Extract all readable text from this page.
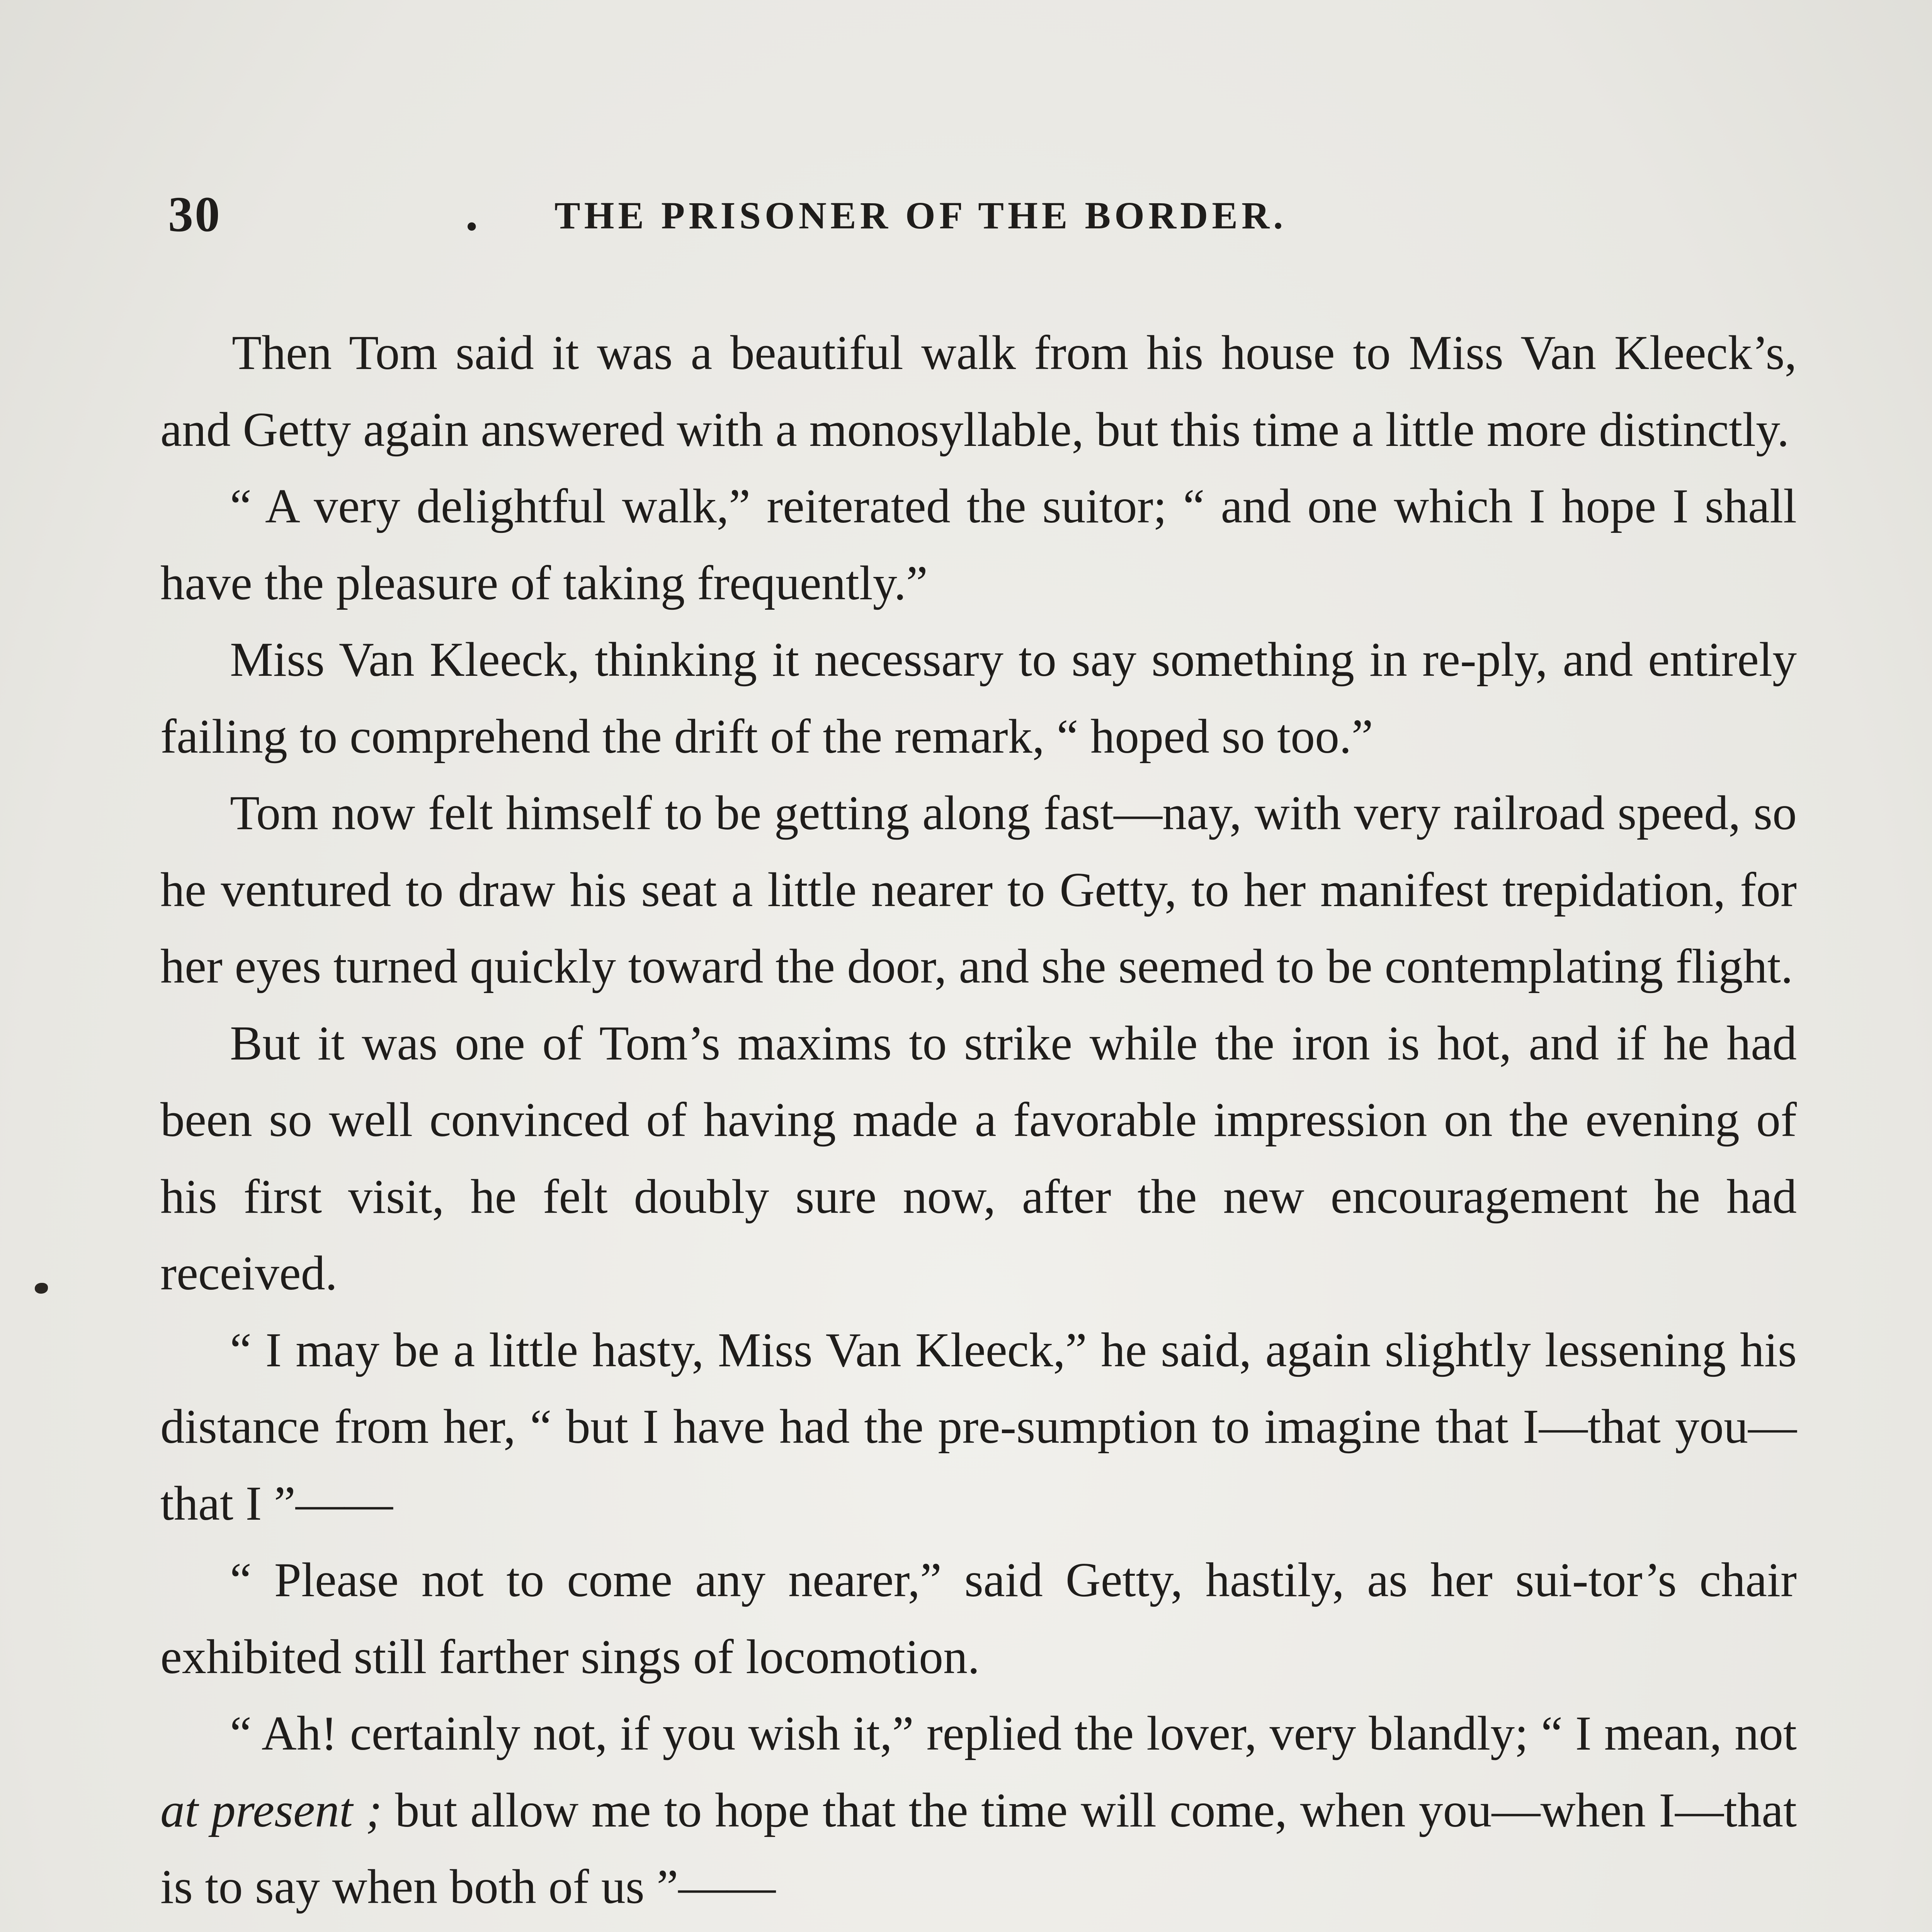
30	• THE PRISONER OF THE BORDER.

Then Tom said it was a beautiful walk from his house to Miss Van Kleeck’s, and Getty again answered with a monosyllable, but this time a little more distinctly.

“ A very delightful walk,” reiterated the suitor; “ and one which I hope I shall have the pleasure of taking frequently.”

Miss Van Kleeck, thinking it necessary to say something in re-ply, and entirely failing to comprehend the drift of the remark, “ hoped so too.”

Tom now felt himself to be getting along fast—nay, with very railroad speed, so he ventured to draw his seat a little nearer to Getty, to her manifest trepidation, for her eyes turned quickly toward the door, and she seemed to be contemplating flight.

But it was one of Tom’s maxims to strike while the iron is hot, and if he had been so well convinced of having made a favorable impression on the evening of his first visit, he felt doubly sure now, after the new encouragement he had received.

“ I may be a little hasty, Miss Van Kleeck,” he said, again slightly lessening his distance from her, “ but I have had the pre-sumption to imagine that I—that you—that I ”——

“ Please not to come any nearer,” said Getty, hastily, as her sui-tor’s chair exhibited still farther sings of locomotion.

“ Ah! certainly not, if you wish it,” replied the lover, very blandly; “ I mean, not at present ; but allow me to hope that the time will come, when you—when I—that is to say when both of us ”——
